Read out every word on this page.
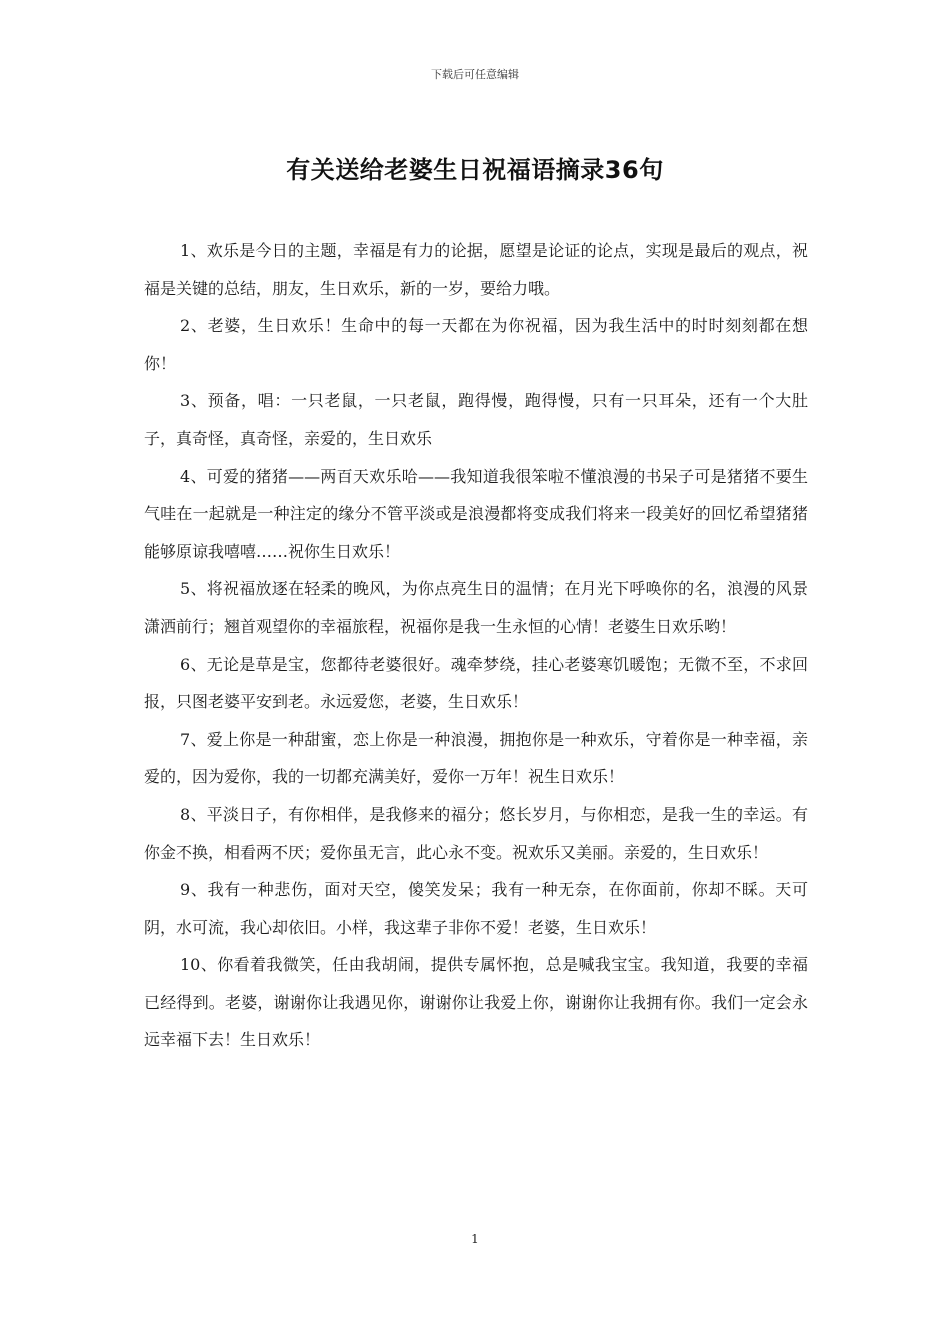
下载后可任意编辑
有关送给老婆生日祝福语摘录36句

1、欢乐是今日的主题，幸福是有力的论据，愿望是论证的论点，实现是最后的观点，祝福是关键的总结，朋友，生日欢乐，新的一岁，要给力哦。

2、老婆，生日欢乐！生命中的每一天都在为你祝福，因为我生活中的时时刻刻都在想你！

3、预备，唱：一只老鼠，一只老鼠，跑得慢，跑得慢，只有一只耳朵，还有一个大肚子，真奇怪，真奇怪，亲爱的，生日欢乐

4、可爱的猪猪——两百天欢乐哈——我知道我很笨啦不懂浪漫的书呆子可是猪猪不要生气哇在一起就是一种注定的缘分不管平淡或是浪漫都将变成我们将来一段美好的回忆希望猪猪能够原谅我嘻嘻……祝你生日欢乐！

5、将祝福放逐在轻柔的晚风，为你点亮生日的温情；在月光下呼唤你的名，浪漫的风景潇洒前行；翘首观望你的幸福旅程，祝福你是我一生永恒的心情！老婆生日欢乐哟！

6、无论是草是宝，您都待老婆很好。魂牵梦绕，挂心老婆寒饥暖饱；无微不至，不求回报，只图老婆平安到老。永远爱您，老婆，生日欢乐！

7、爱上你是一种甜蜜，恋上你是一种浪漫，拥抱你是一种欢乐，守着你是一种幸福，亲爱的，因为爱你，我的一切都充满美好，爱你一万年！祝生日欢乐！

8、平淡日子，有你相伴，是我修来的福分；悠长岁月，与你相恋，是我一生的幸运。有你金不换，相看两不厌；爱你虽无言，此心永不变。祝欢乐又美丽。亲爱的，生日欢乐！

9、我有一种悲伤，面对天空，傻笑发呆；我有一种无奈，在你面前，你却不睬。天可阴，水可流，我心却依旧。小样，我这辈子非你不爱！老婆，生日欢乐！

10、你看着我微笑，任由我胡闹，提供专属怀抱，总是喊我宝宝。我知道，我要的幸福已经得到。老婆，谢谢你让我遇见你，谢谢你让我爱上你，谢谢你让我拥有你。我们一定会永远幸福下去！生日欢乐！

1
